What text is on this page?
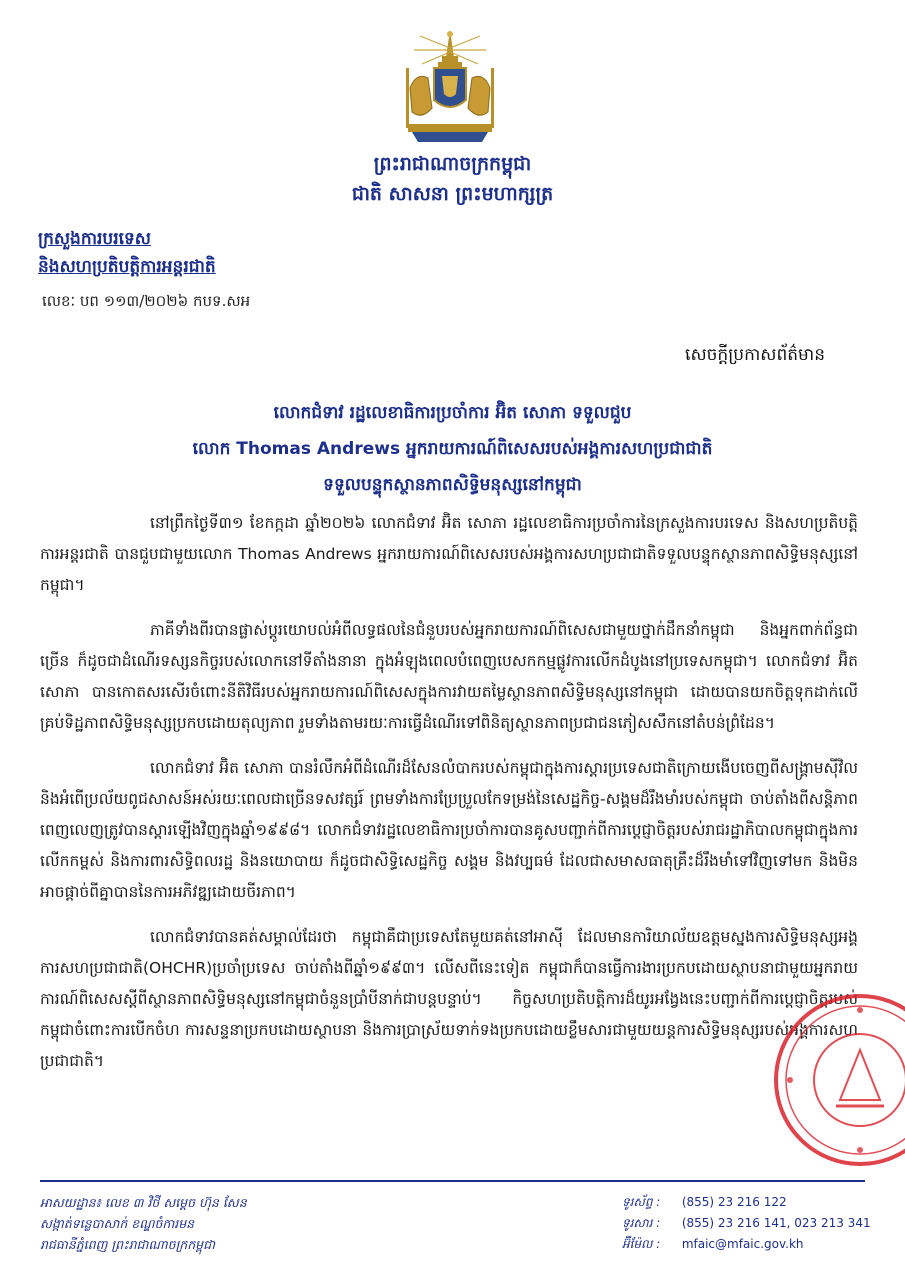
ព្រះរាជាណាចក្រកម្ពុជា
ជាតិ សាសនា ព្រះមហាក្សត្រ
ក្រសួងការបរទេស
និងសហប្រតិបត្តិការអន្តរជាតិ
លេខៈ បព ១១៣/២០២៦ កបទ.សអ
សេចក្តីប្រកាសព័ត៌មាន
លោកជំទាវ រដ្ឋលេខាធិការប្រចាំការ អ៊ិត សោភា ទទួលជួប
លោក Thomas Andrews អ្នករាយការណ៍ពិសេសរបស់អង្គការសហប្រជាជាតិ
ទទួលបន្ទុកស្ថានភាពសិទ្ធិមនុស្សនៅកម្ពុជា

នៅព្រឹកថ្ងៃទី៣១ ខែកក្កដា ឆ្នាំ២០២៦ លោកជំទាវ អ៊ិត សោភា រដ្ឋលេខាធិការប្រចាំការនៃក្រសួងការបរទេស និងសហប្រតិបត្តិការអន្តរជាតិ បានជួបជាមួយលោក Thomas Andrews អ្នករាយការណ៍ពិសេសរបស់អង្គការសហប្រជាជាតិទទួលបន្ទុកស្ថានភាពសិទ្ធិមនុស្សនៅកម្ពុជា។

ភាគីទាំងពីរបានផ្លាស់ប្តូរយោបល់អំពីលទ្ធផលនៃជំនួបរបស់អ្នករាយការណ៍ពិសេសជាមួយថ្នាក់ដឹកនាំកម្ពុជា និងអ្នកពាក់ព័ន្ធជាច្រើន ក៏ដូចជាដំណើរទស្សនកិច្ចរបស់លោកនៅទីតាំងនានា ក្នុងអំឡុងពេលបំពេញបេសកកម្មផ្លូវការលើកដំបូងនៅប្រទេសកម្ពុជា។ លោកជំទាវ អ៊ិត សោភា បានកោតសរសើរចំពោះនីតិវិធីរបស់អ្នករាយការណ៍ពិសេសក្នុងការវាយតម្លៃស្ថានភាពសិទ្ធិមនុស្សនៅកម្ពុជា ដោយបានយកចិត្តទុកដាក់លើគ្រប់ទិដ្ឋភាពសិទ្ធិមនុស្សប្រកបដោយតុល្យភាព រួមទាំងតាមរយៈការធ្វើដំណើរទៅពិនិត្យស្ថានភាពប្រជាជនភៀសសឹកនៅតំបន់ព្រំដែន។

លោកជំទាវ អ៊ិត សោភា បានរំលឹកអំពីដំណើរដ៏សែនលំបាករបស់កម្ពុជាក្នុងការស្តារប្រទេសជាតិក្រោយងើបចេញពីសង្គ្រាមស៊ីវិល និងអំពើប្រល័យពូជសាសន៍អស់រយៈពេលជាច្រើនទសវត្សរ៍ ព្រមទាំងការប្រែប្រួលកែទម្រង់នៃសេដ្ឋកិច្ច-សង្គមដ៏រឹងមាំរបស់កម្ពុជា ចាប់តាំងពីសន្តិភាពពេញលេញត្រូវបានស្តារឡើងវិញក្នុងឆ្នាំ១៩៩៨។ លោកជំទាវរដ្ឋលេខាធិការប្រចាំការបានគូសបញ្ជាក់ពីការប្តេជ្ញាចិត្តរបស់រាជរដ្ឋាភិបាលកម្ពុជាក្នុងការលើកកម្ពស់ និងការពារសិទ្ធិពលរដ្ឋ និងនយោបាយ ក៏ដូចជាសិទ្ធិសេដ្ឋកិច្ច សង្គម និងវប្បធម៌ ដែលជាសមាសធាតុគ្រឹះដ៏រឹងមាំទៅវិញទៅមក និងមិនអាចផ្តាច់ពីគ្នាបាននៃការអភិវឌ្ឍដោយចីរភាព។

លោកជំទាវបានគត់សម្គាល់ដែរថា កម្ពុជាគឺជាប្រទេសតែមួយគត់នៅអាស៊ី ដែលមានការិយាល័យឧត្តមស្នងការសិទ្ធិមនុស្សអង្គការសហប្រជាជាតិ(OHCHR)ប្រចាំប្រទេស ចាប់តាំងពីឆ្នាំ១៩៩៣។ លើសពីនេះទៀត កម្ពុជាក៏បានធ្វើការងារប្រកបដោយស្ថាបនាជាមួយអ្នករាយការណ៍ពិសេសស្តីពីស្ថានភាពសិទ្ធិមនុស្សនៅកម្ពុជាចំនួនប្រាំបីនាក់ជាបន្តបន្ទាប់។ កិច្ចសហប្រតិបត្តិការដ៏យូរអង្វែងនេះបញ្ជាក់ពីការប្តេជ្ញាចិត្តរបស់កម្ពុជាចំពោះការបើកចំហ ការសន្ទនាប្រកបដោយស្ថាបនា និងការប្រាស្រ័យទាក់ទងប្រកបដោយខ្លឹមសារជាមួយយន្តការសិទ្ធិមនុស្សរបស់អង្គការសហប្រជាជាតិ។

អាសយដ្ឋាន៖ លេខ ៣ វិថី សម្តេច ហ៊ុន សែន
សង្កាត់ទន្លេបាសាក់ ខណ្ឌចំការមន
រាជធានីភ្នំពេញ ព្រះរាជាណាចក្រកម្ពុជា
ទូរស័ព្ទ : (855) 23 216 122
ទូរសារ : (855) 23 216 141, 023 213 341
អ៊ីម៉ែល : mfaic@mfaic.gov.kh
